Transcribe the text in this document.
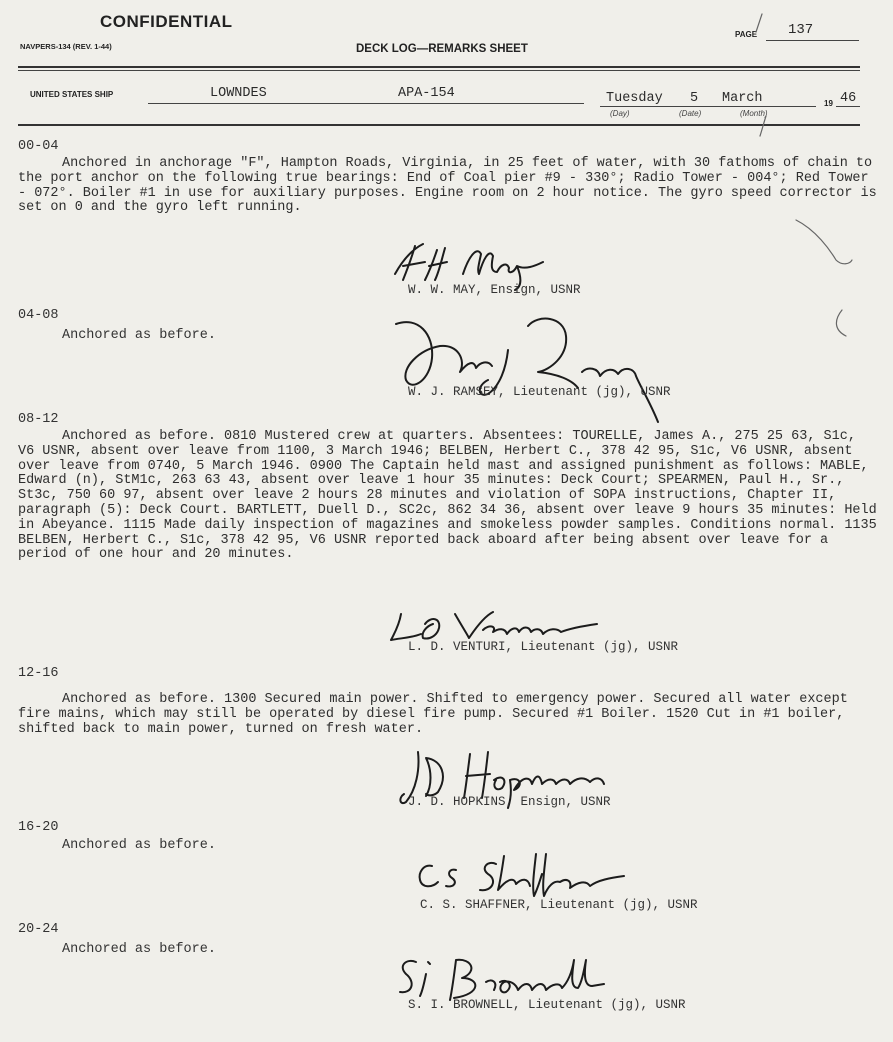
CONFIDENTIAL
NAVPERS-134 (REV. 1-44)	DECK LOG—REMARKS SHEET
PAGE 137
UNITED STATES SHIP	LOWNDES	APA-154	Tuesday 5 March
(Day)	(Date)	(Month)
19 46
00-04
Anchored in anchorage "F", Hampton Roads, Virginia, in 25 feet of water, with 30 fathoms of chain to the port anchor on the following true bearings: End of Coal pier #9 - 330°; Radio Tower - 004°; Red Tower - 072°. Boiler #1 in use for auxiliary purposes. Engine room on 2 hour notice. The gyro speed corrector is set on 0 and the gyro left running.
W. W. MAY, Ensign, USNR
04-08
Anchored as before.
W. J. RAMSEY, Lieutenant (jg), USNR
08-12
Anchored as before. 0810 Mustered crew at quarters. Absentees: TOURELLE, James A., 275 25 63, S1c, V6 USNR, absent over leave from 1100, 3 March 1946; BELBEN, Herbert C., 378 42 95, S1c, V6 USNR, absent over leave from 0740, 5 March 1946. 0900 The Captain held mast and assigned punishment as follows: MABLE, Edward (n), StM1c, 263 63 43, absent over leave 1 hour 35 minutes: Deck Court; SPEARMEN, Paul H., Sr., St3c, 750 60 97, absent over leave 2 hours 28 minutes and violation of SOPA instructions, Chapter II, paragraph (5): Deck Court. BARTLETT, Duell D., SC2c, 862 34 36, absent over leave 9 hours 35 minutes: Held in Abeyance. 1115 Made daily inspection of magazines and smokeless powder samples. Conditions normal. 1135 BELBEN, Herbert C., S1c, 378 42 95, V6 USNR reported back aboard after being absent over leave for a period of one hour and 20 minutes.
L. D. VENTURI, Lieutenant (jg), USNR
12-16
Anchored as before. 1300 Secured main power. Shifted to emergency power. Secured all water except fire mains, which may still be operated by diesel fire pump. Secured #1 Boiler. 1520 Cut in #1 boiler, shifted back to main power, turned on fresh water.
J. D. HOPKINS, Ensign, USNR
16-20
Anchored as before.
C. S. SHAFFNER, Lieutenant (jg), USNR
20-24
Anchored as before.
S. I. BROWNELL, Lieutenant (jg), USNR
